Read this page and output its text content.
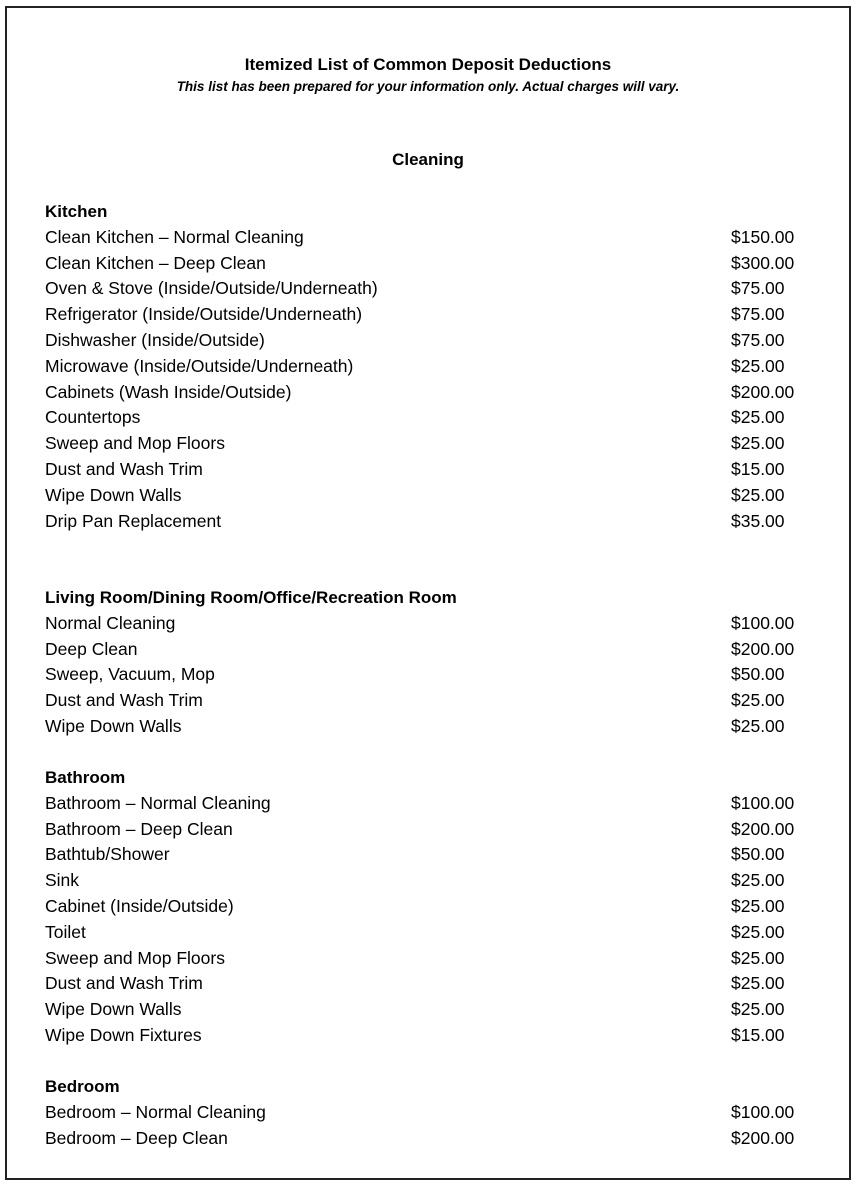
Itemized List of Common Deposit Deductions
This list has been prepared for your information only. Actual charges will vary.
Cleaning
Kitchen
Clean Kitchen – Normal Cleaning	$150.00
Clean Kitchen – Deep Clean	$300.00
Oven & Stove (Inside/Outside/Underneath)	$75.00
Refrigerator (Inside/Outside/Underneath)	$75.00
Dishwasher (Inside/Outside)	$75.00
Microwave (Inside/Outside/Underneath)	$25.00
Cabinets (Wash Inside/Outside)	$200.00
Countertops	$25.00
Sweep and Mop Floors	$25.00
Dust and Wash Trim	$15.00
Wipe Down Walls	$25.00
Drip Pan Replacement	$35.00
Living Room/Dining Room/Office/Recreation Room
Normal Cleaning	$100.00
Deep Clean	$200.00
Sweep, Vacuum, Mop	$50.00
Dust and Wash Trim	$25.00
Wipe Down Walls	$25.00
Bathroom
Bathroom – Normal Cleaning	$100.00
Bathroom – Deep Clean	$200.00
Bathtub/Shower	$50.00
Sink	$25.00
Cabinet (Inside/Outside)	$25.00
Toilet	$25.00
Sweep and Mop Floors	$25.00
Dust and Wash Trim	$25.00
Wipe Down Walls	$25.00
Wipe Down Fixtures	$15.00
Bedroom
Bedroom – Normal Cleaning	$100.00
Bedroom – Deep Clean	$200.00
